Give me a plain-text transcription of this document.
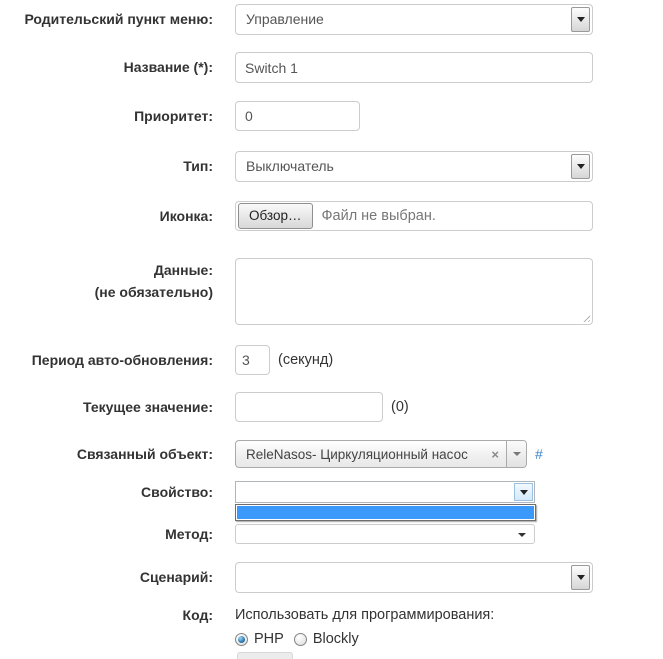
Родительский пункт меню:	Управление
Название (*):
Switch 1
Приоритет:
0
Тип:	Выключатель
Иконка:	Обзор…	Файл не выбран.
Данные:
(не обязательно)
Период авто-обновления:
3	(секунд)
Текущее значение:	(0)
Связанный объект:	ReleNasos- Циркуляционный насос	×	#
Свойство:
Метод:
Сценарий:
Код: Использовать для программирования:
PHP Blockly
